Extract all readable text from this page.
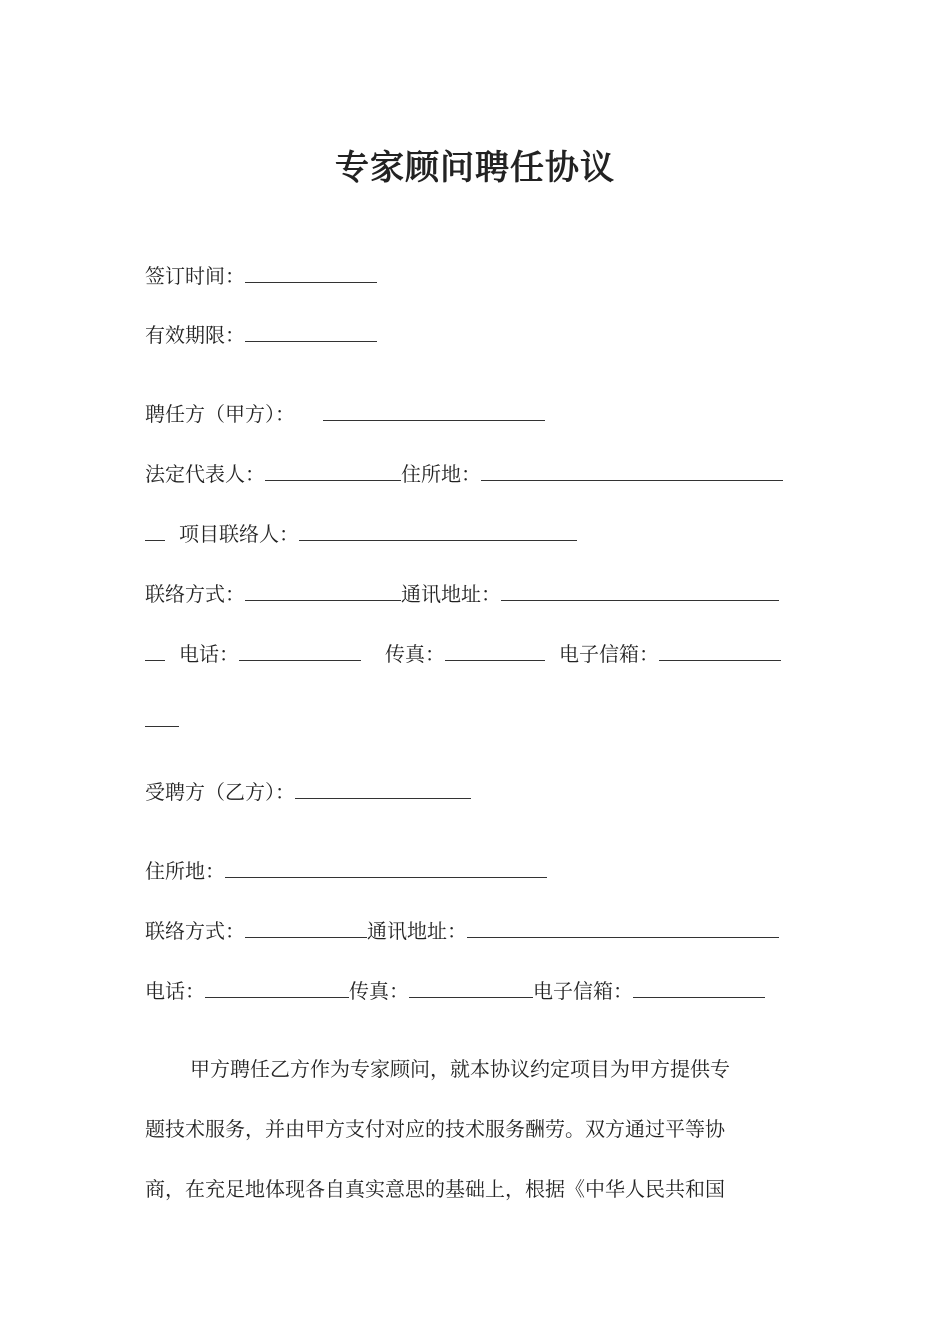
专家顾问聘任协议
签订时间：
有效期限：
聘任方（甲方）：
法定代表人：	住所地：
项目联络人：
联络方式：	通讯地址：
电话：	传真：	电子信箱：
受聘方（乙方）：
住所地：
联络方式：	通讯地址：
电话：	传真：	电子信箱：
甲方聘任乙方作为专家顾问，就本协议约定项目为甲方提供专
题技术服务，并由甲方支付对应的技术服务酬劳。双方通过平等协
商，在充足地体现各自真实意思的基础上，根据《中华人民共和国
